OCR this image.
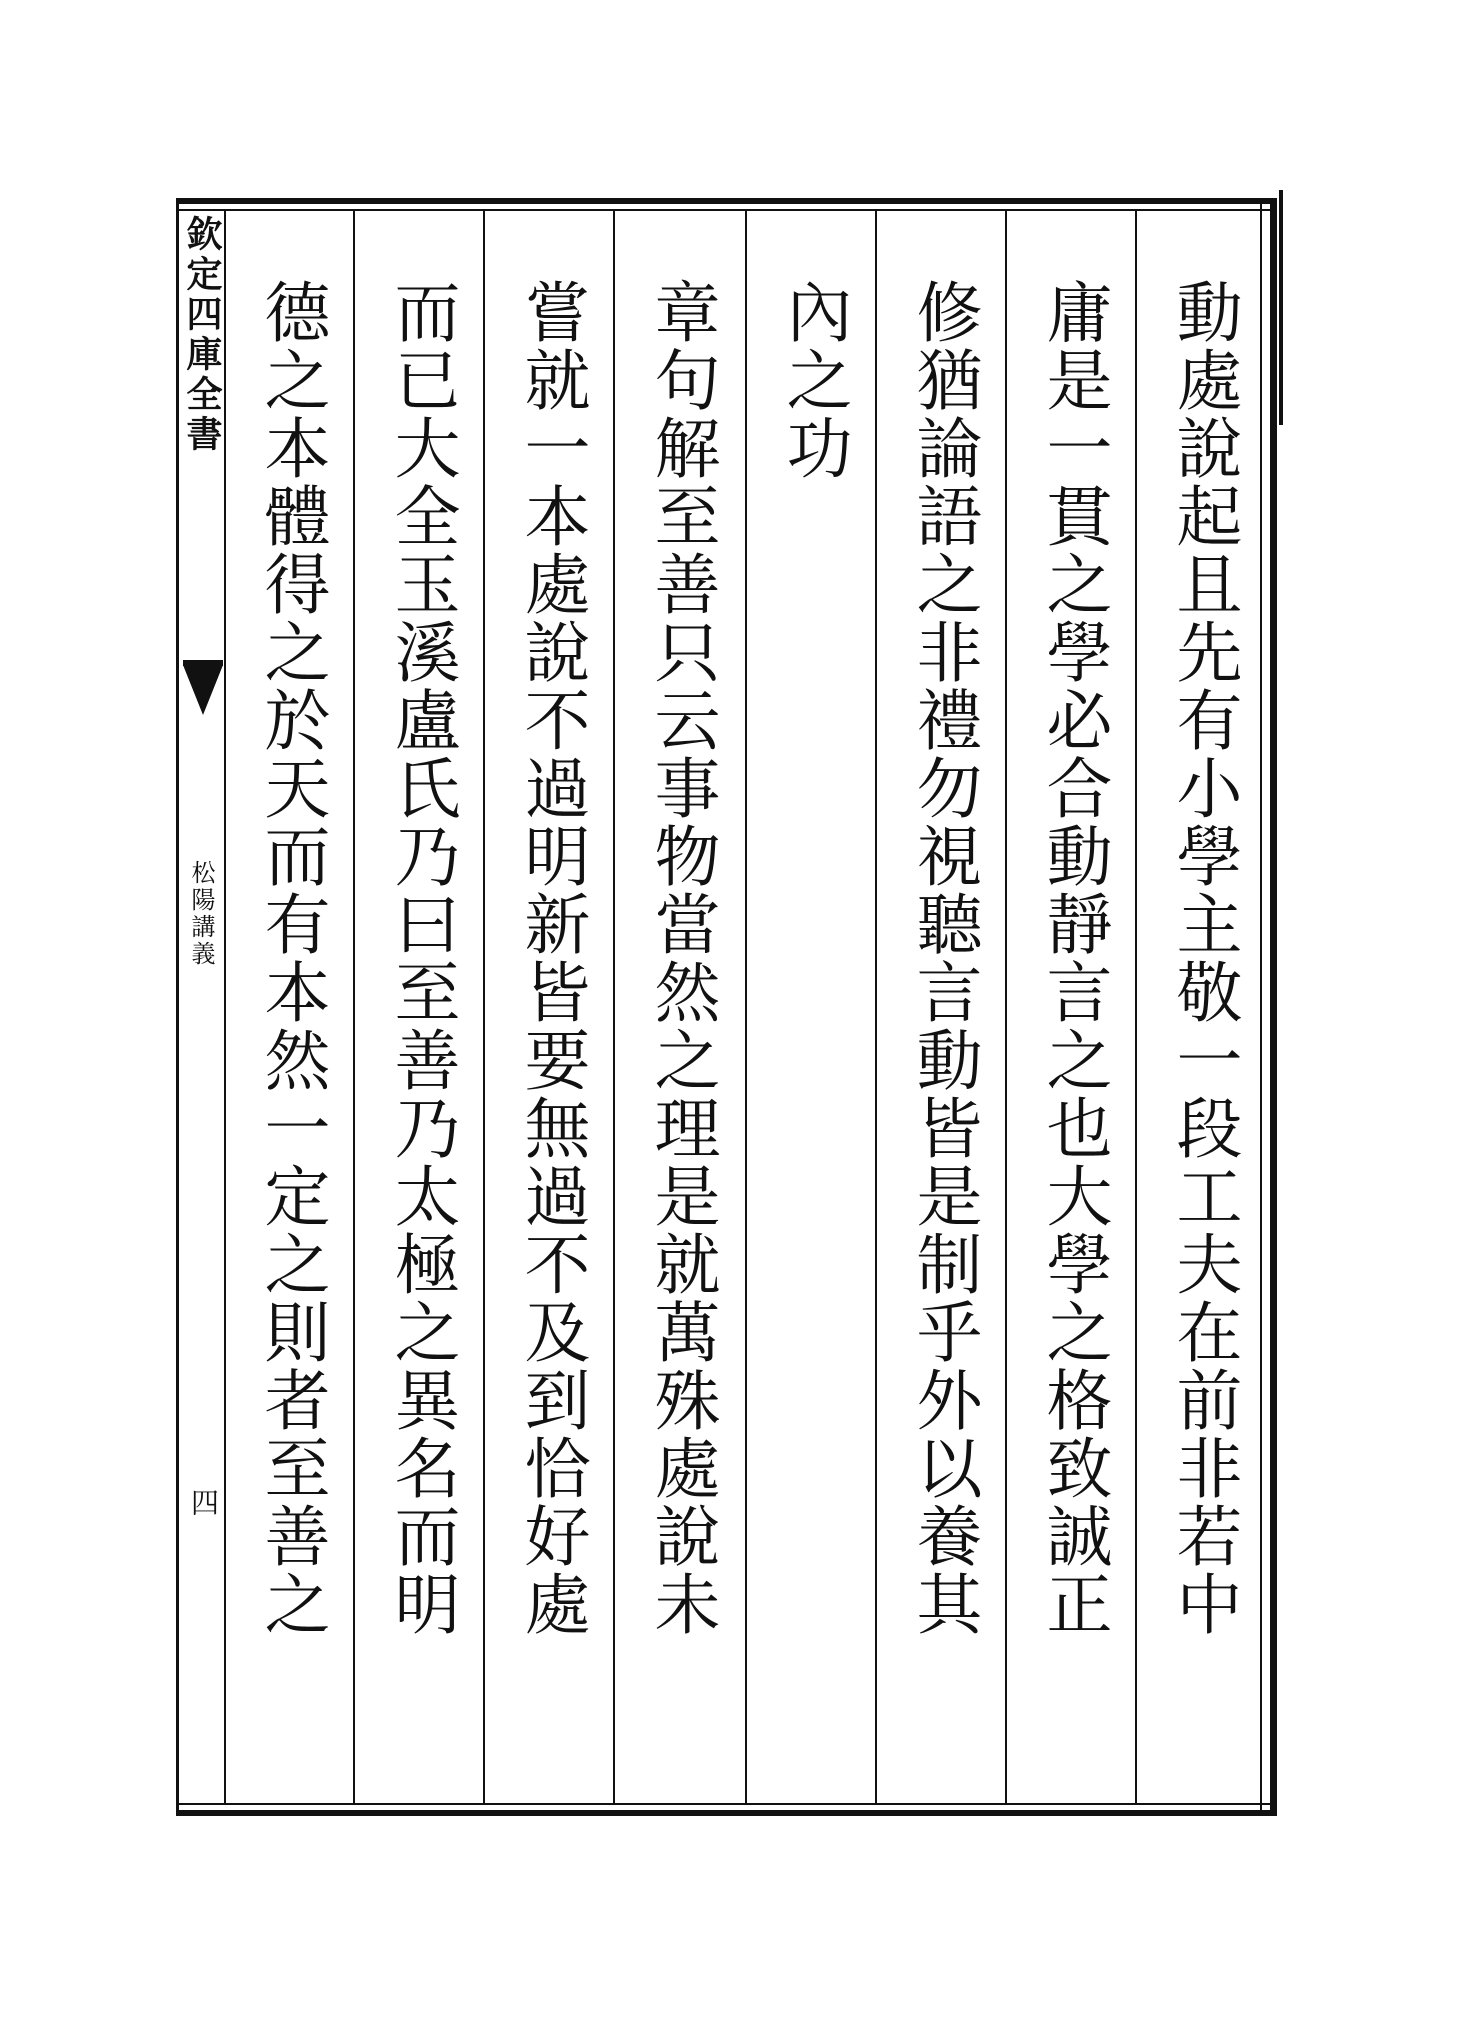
欽定四庫全書
松陽講義
四	動處說起且先有小學主敬一段工夫在前非若中
庸是一貫之學必合動靜言之也大學之格致誠正
修猶論語之非禮勿視聽言動皆是制乎外以養其
內之功
章句解至善只云事物當然之理是就萬殊處說未
嘗就一本處說不過明新皆要無過不及到恰好處
而已大全玉溪盧氏乃曰至善乃太極之異名而明
德之本體得之於天而有本然一定之則者至善之
